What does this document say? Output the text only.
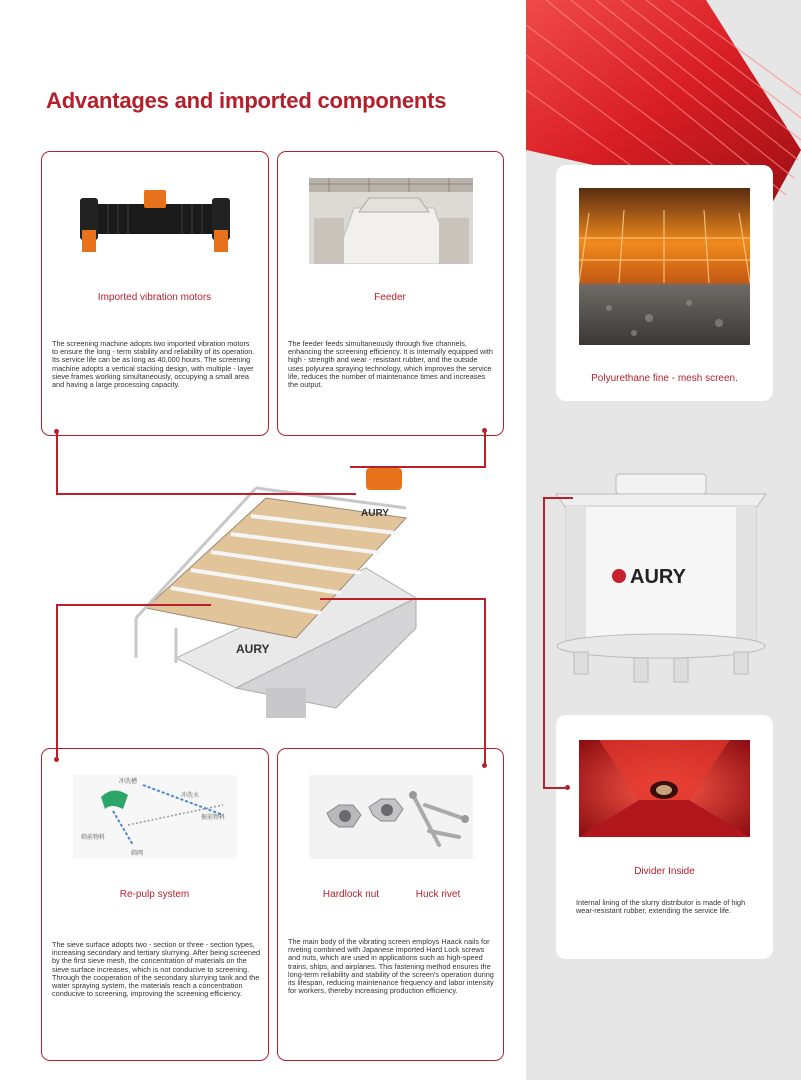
Advantages and imported components
Imported vibration motors

The screening machine adopts two imported vibration motors to ensure the long - term stability and reliability of its operation. Its service life can be as long as 40,000 hours. The screening machine adopts a vertical stacking design, with multiple - layer sieve frames working simultaneously, occupying a small area and having a large processing capacity.

Feeder

The feeder feeds simultaneously through five channels, enhancing the screening efficiency. It is internally equipped with high - strength and wear - resistant rubber, and the outside uses polyurea spraying technology, which improves the service life, reduces the number of maintenance times and increases the output.

Polyurethane fine - mesh screen.
AURY
AURY
AURY
Divider Inside

Internal lining of the slurry distributor is made of high wear-resistant rubber, extending the service life.

冲洗槽
冲洗水
振前物料
筛前物料
筛网
Re-pulp system

The sieve surface adopts two - section or three - section types, increasing secondary and tertiary slurrying. After being screened by the first sieve mesh, the concentration of materials on the sieve surface increases, which is not conducive to screening. Through the cooperation of the secondary slurrying tank and the water spraying system, the materials reach a concentration conducive to screening, improving the screening efficiency.

Hardlock nut	Huck rivet

The main body of the vibrating screen employs Haack nails for riveting combined with Japanese imported Hard Lock screws and nuts, which are used in applications such as high-speed trains, ships, and airplanes. This fastening method ensures the long-term reliability and stability of the screen's operation during its lifespan, reducing maintenance frequency and labor intensity for workers, thereby increasing production efficiency.
